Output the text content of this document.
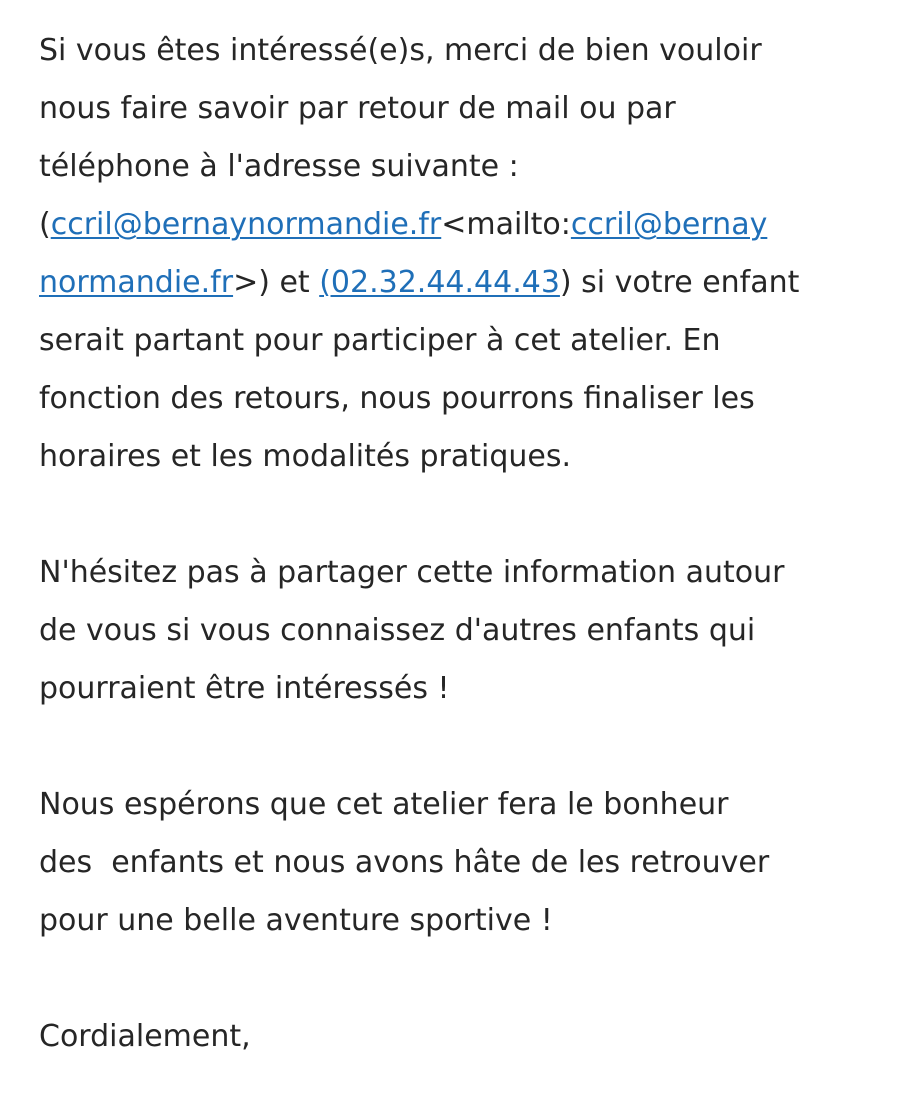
Si vous êtes intéressé(e)s, merci de bien vouloir
nous faire savoir par retour de mail ou par
téléphone à l'adresse suivante :
(ccril@bernaynormandie.fr<mailto:ccril@bernay
normandie.fr>) et (02.32.44.44.43) si votre enfant
serait partant pour participer à cet atelier. En
fonction des retours, nous pourrons finaliser les
horaires et les modalités pratiques.
N'hésitez pas à partager cette information autour
de vous si vous connaissez d'autres enfants qui
pourraient être intéressés !
Nous espérons que cet atelier fera le bonheur
des  enfants et nous avons hâte de les retrouver
pour une belle aventure sportive !
Cordialement,
